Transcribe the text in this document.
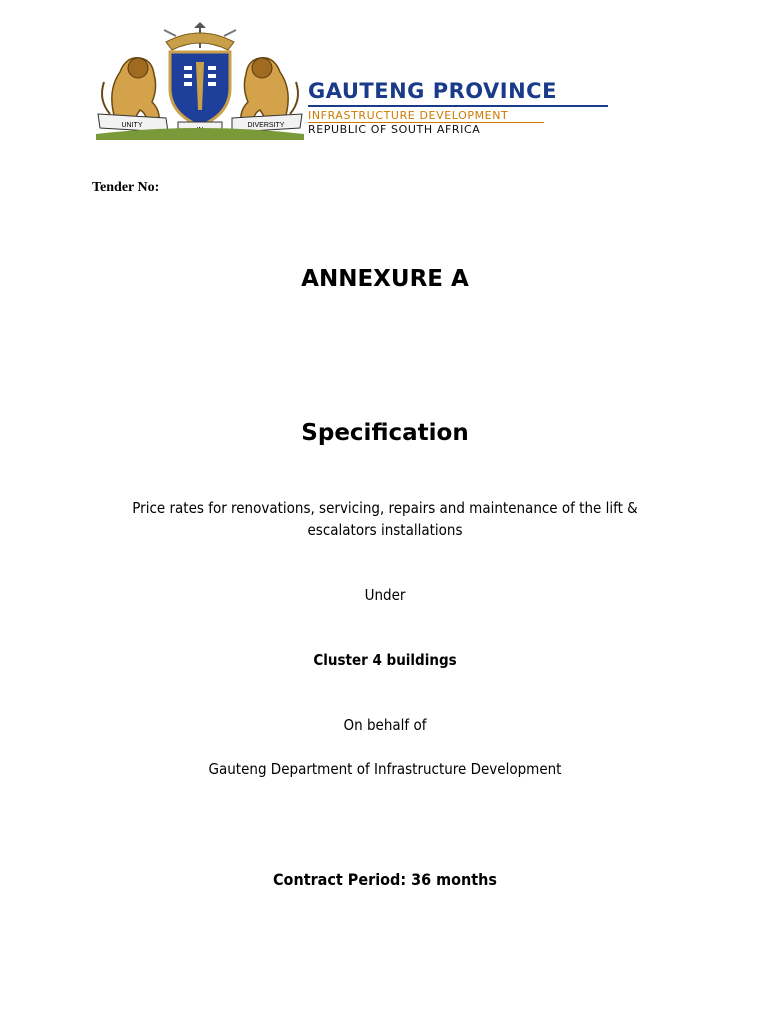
UNITY	DIVERSITY
GAUTENG PROVINCE
INFRASTRUCTURE DEVELOPMENT
REPUBLIC OF SOUTH AFRICA
Tender No:
ANNEXURE A
Specification
Price rates for renovations, servicing, repairs and maintenance of the lift &
escalators installations
Under
Cluster 4 buildings
On behalf of
Gauteng Department of Infrastructure Development
Contract Period: 36 months
